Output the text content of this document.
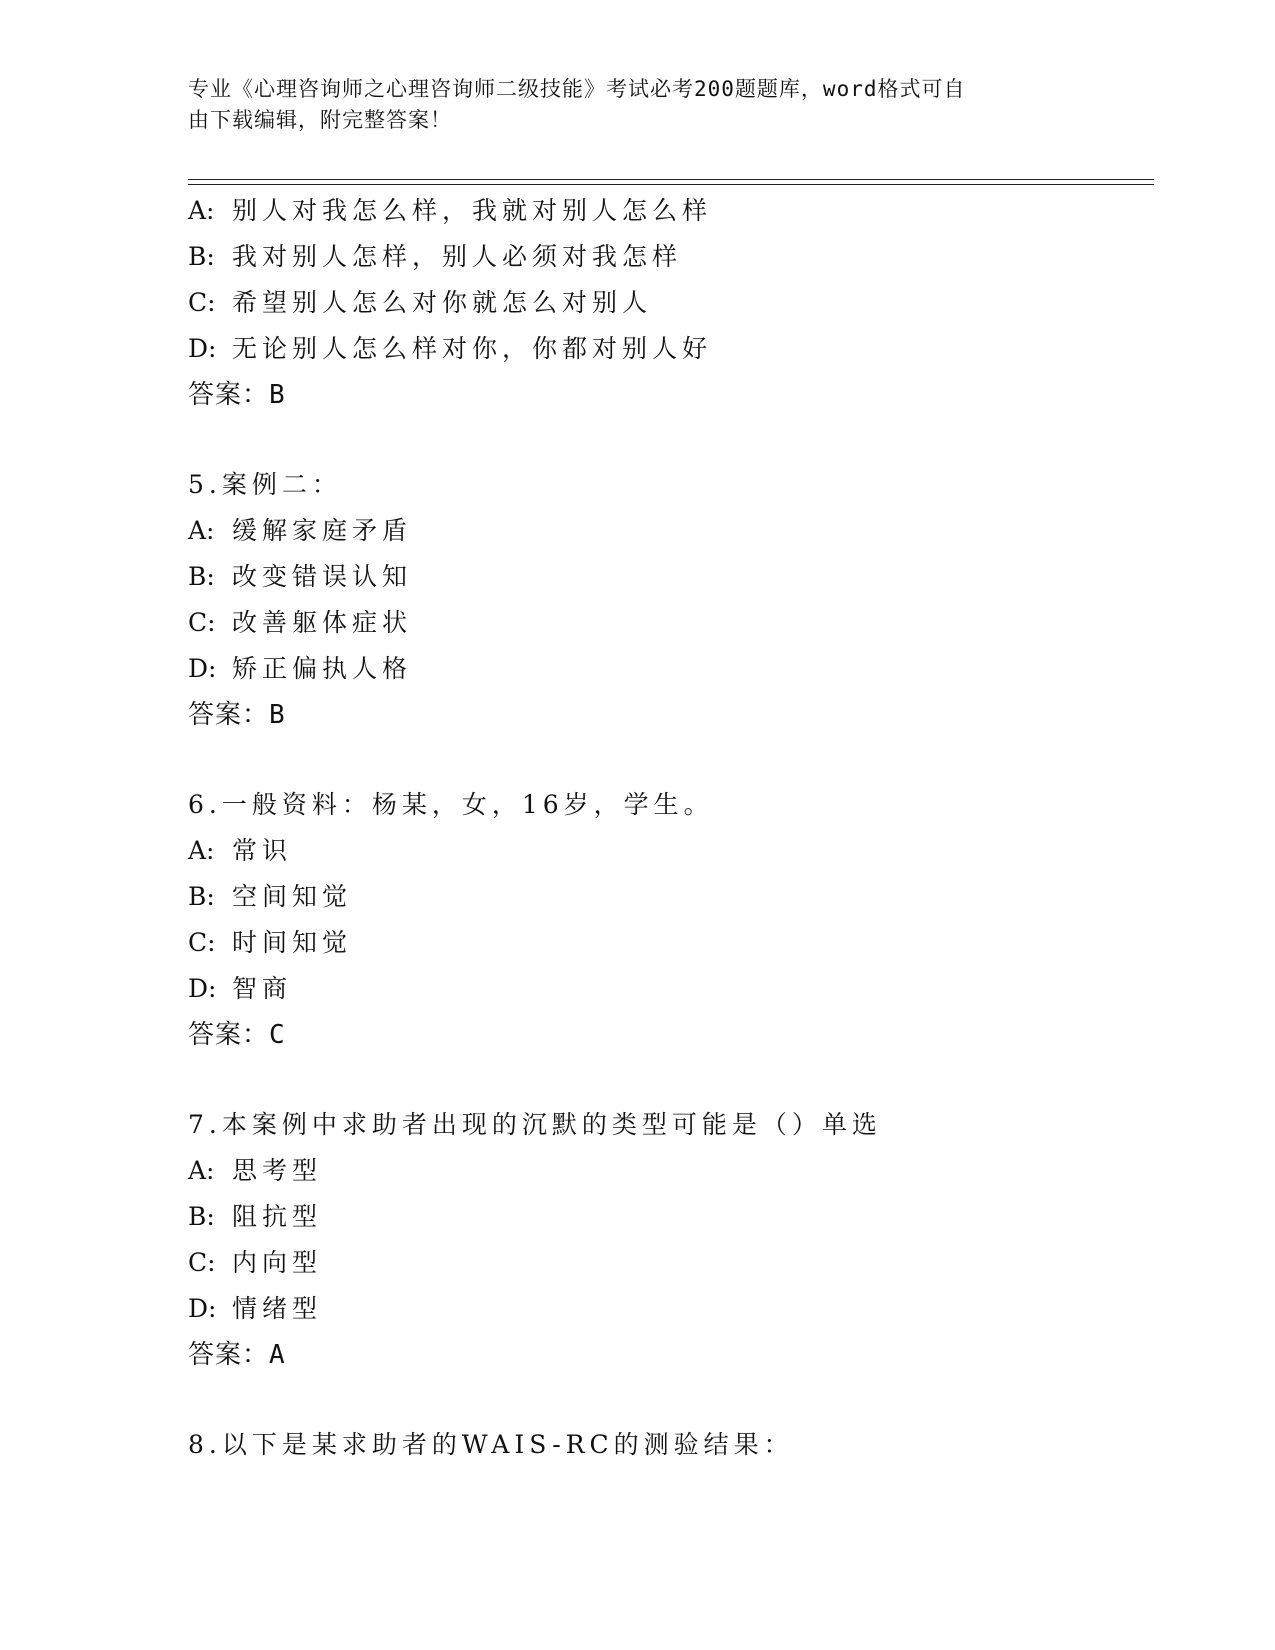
专业《心理咨询师之心理咨询师二级技能》考试必考200题题库，word格式可自
由下载编辑，附完整答案！
A: 别人对我怎么样，我就对别人怎么样
B: 我对别人怎样，别人必须对我怎样
C: 希望别人怎么对你就怎么对别人
D: 无论别人怎么样对你，你都对别人好
答案：B
5.案例二：
A: 缓解家庭矛盾
B: 改变错误认知
C: 改善躯体症状
D: 矫正偏执人格
答案：B
6.一般资料：杨某，女，16岁，学生。
A: 常识
B: 空间知觉
C: 时间知觉
D: 智商
答案：C
7.本案例中求助者出现的沉默的类型可能是（）单选
A: 思考型
B: 阻抗型
C: 内向型
D: 情绪型
答案：A
8.以下是某求助者的WAIS-RC的测验结果：
